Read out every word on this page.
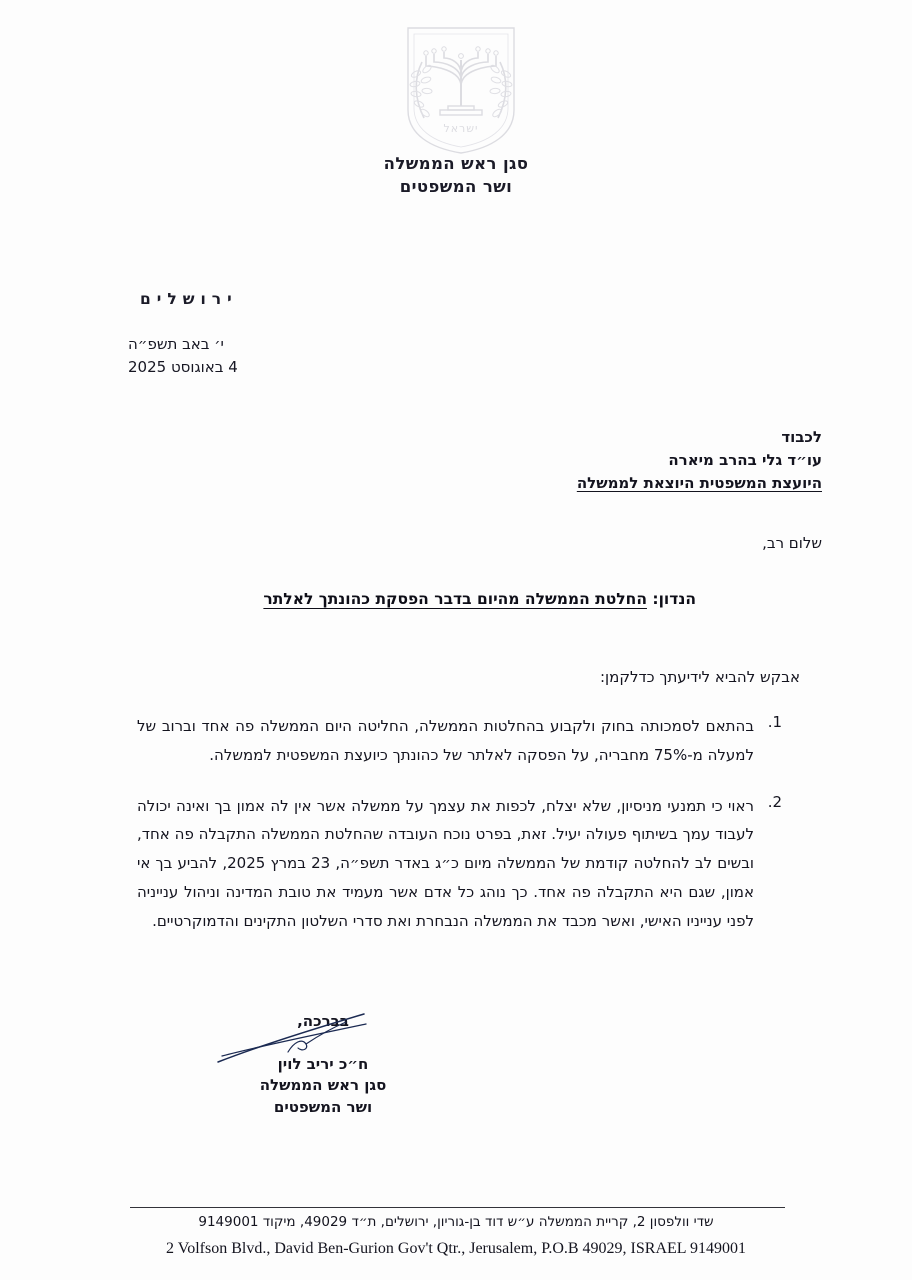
ישראל
סגן ראש הממשלה
ושר המשפטים
ירושלים
י׳ באב תשפ״ה
4 באוגוסט 2025
לכבוד
עו״ד גלי בהרב מיארה
היועצת המשפטית היוצאת לממשלה
שלום רב,
הנדון: החלטת הממשלה מהיום בדבר הפסקת כהונתך לאלתר
אבקש להביא לידיעתך כדלקמן:
.1
בהתאם לסמכותה בחוק ולקבוע בהחלטות הממשלה, החליטה היום הממשלה פה אחד וברוב של למעלה מ-75% מחבריה, על הפסקה לאלתר של כהונתך כיועצת המשפטית לממשלה.
.2
ראוי כי תמנעי מניסיון, שלא יצלח, לכפות את עצמך על ממשלה אשר אין לה אמון בך ואינה יכולה לעבוד עמך בשיתוף פעולה יעיל. זאת, בפרט נוכח העובדה שהחלטת הממשלה התקבלה פה אחד, ובשים לב להחלטה קודמת של הממשלה מיום כ״ג באדר תשפ״ה, 23 במרץ 2025, להביע בך אי אמון, שגם היא התקבלה פה אחד. כך נוהג כל אדם אשר מעמיד את טובת המדינה וניהול ענייניה לפני ענייניו האישי, ואשר מכבד את הממשלה הנבחרת ואת סדרי השלטון התקינים והדמוקרטיים.
בברכה,
ח״כ יריב לוין
סגן ראש הממשלה
ושר המשפטים
שדי וולפסון 2, קריית הממשלה ע״ש דוד בן-גוריון, ירושלים, ת״ד 49029, מיקוד 9149001
2 Volfson Blvd., David Ben-Gurion Gov't Qtr., Jerusalem, P.O.B 49029, ISRAEL 9149001
